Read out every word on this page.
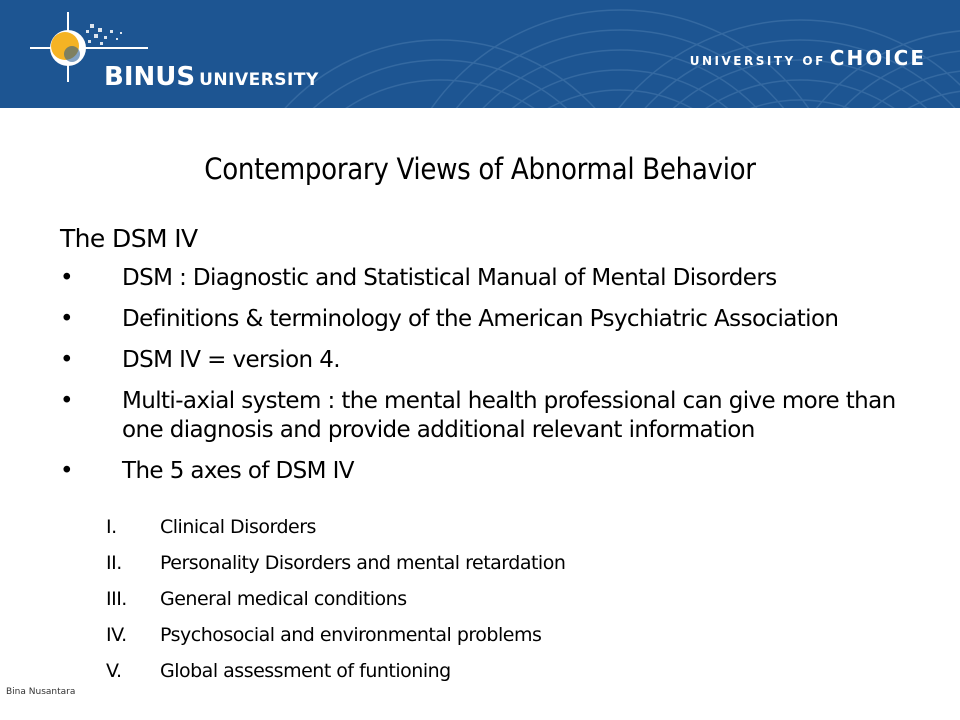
BINUS UNIVERSITY
UNIVERSITY OF CHOICE
Contemporary Views of Abnormal Behavior
The DSM IV
• DSM : Diagnostic and Statistical Manual of Mental Disorders
• Definitions & terminology of the American Psychiatric Association
• DSM IV = version 4.
• Multi-axial system : the mental health professional can give more than one diagnosis and provide additional relevant information
• The 5 axes of DSM IV
I. Clinical Disorders
II. Personality Disorders and mental retardation
III. General medical conditions
IV. Psychosocial and environmental problems
V. Global assessment of funtioning
Bina Nusantara
